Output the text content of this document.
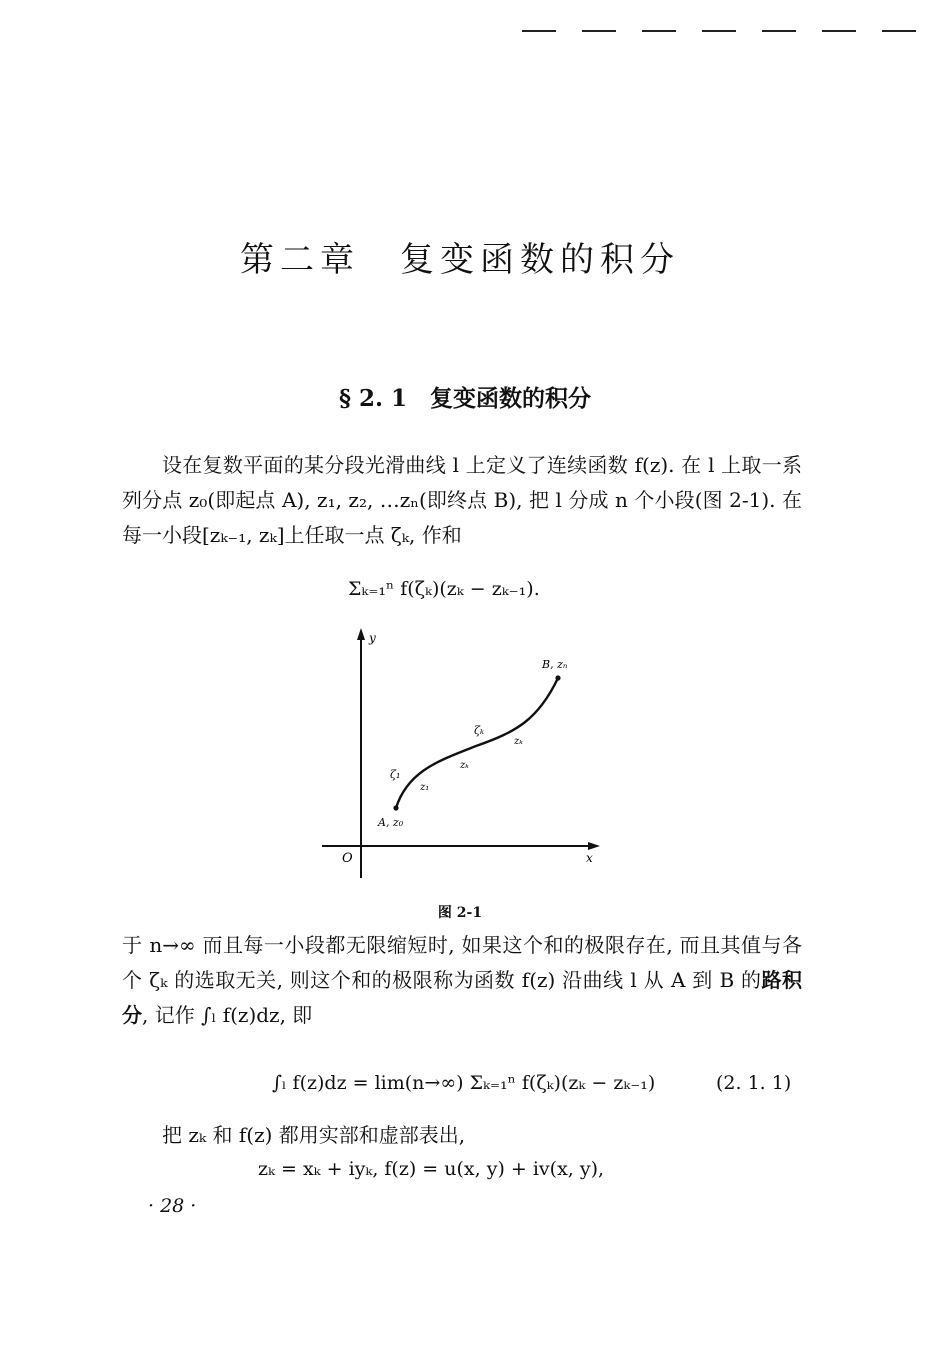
第二章　复变函数的积分
§ 2. 1　复变函数的积分
设在复数平面的某分段光滑曲线 l 上定义了连续函数 f(z). 在 l 上取一系列分点 z₀(即起点 A), z₁, z₂, …zₙ(即终点 B), 把 l 分成 n 个小段(图 2-1). 在每一小段[zₖ₋₁, zₖ]上任取一点 ζₖ, 作和
Σₖ₌₁ⁿ f(ζₖ)(zₖ − zₖ₋₁).
y
x
O
A, z₀
B, zₙ
ζ₁
z₁
zₖ
ζₖ
zₖ
图 2-1
于 n→∞ 而且每一小段都无限缩短时, 如果这个和的极限存在, 而且其值与各个 ζₖ 的选取无关, 则这个和的极限称为函数 f(z) 沿曲线 l 从 A 到 B 的路积分, 记作 ∫ₗ f(z)dz, 即
∫ₗ f(z)dz = lim(n→∞) Σₖ₌₁ⁿ f(ζₖ)(zₖ − zₖ₋₁)	(2. 1. 1)
把 zₖ 和 f(z) 都用实部和虚部表出,
zₖ = xₖ + iyₖ, f(z) = u(x, y) + iv(x, y),
· 28 ·
